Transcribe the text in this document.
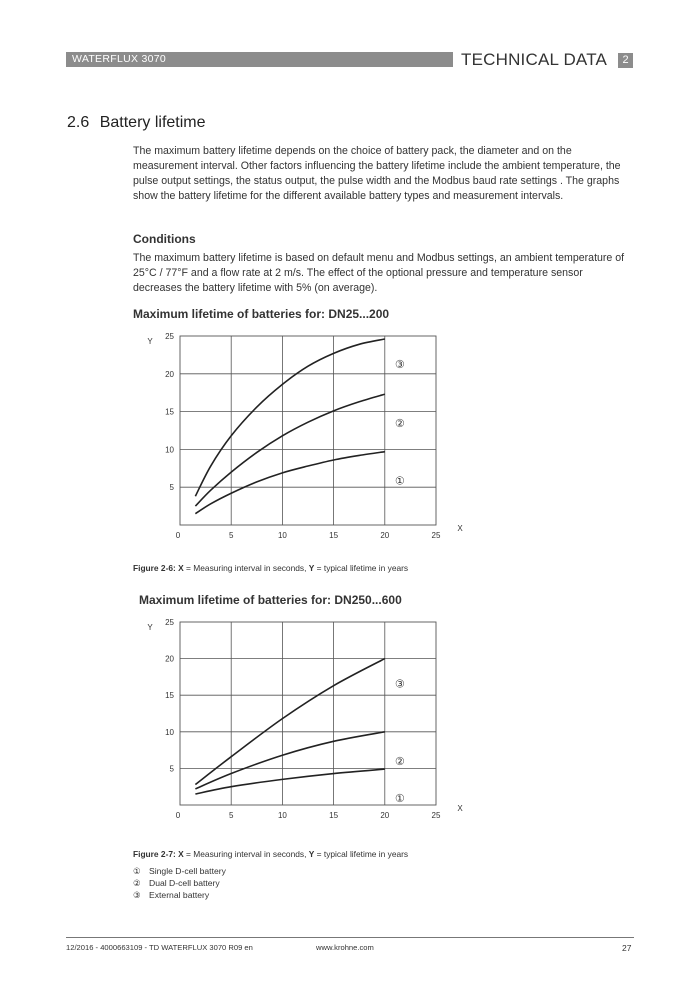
WATERFLUX 3070	TECHNICAL DATA	2
2.6 Battery lifetime

The maximum battery lifetime depends on the choice of battery pack, the diameter and on the measurement interval. Other factors influencing the battery lifetime include the ambient temperature, the pulse output settings, the status output, the pulse width and the Modbus baud rate settings . The graphs show the battery lifetime for the different available battery types and measurement intervals.

Conditions

The maximum battery lifetime is based on default menu and Modbus settings, an ambient temperature of 25°C / 77°F and a flow rate at 2 m/s. The effect of the optional pressure and temperature sensor decreases the battery lifetime with 5% (on average).

Maximum lifetime of batteries for: DN25...200
0	5	10	15	20	25
5
10
15
20
25
X
Y
①
②
③
Figure 2-6: X = Measuring interval in seconds, Y = typical lifetime in years
Maximum lifetime of batteries for: DN250...600
0	5	10	15	20	25
5
10
15
20
25
X
Y
①
②
③
Figure 2-7: X = Measuring interval in seconds, Y = typical lifetime in years
① Single D-cell battery
② Dual D-cell battery
③ External battery
12/2016 - 4000663109 - TD WATERFLUX 3070 R09 en	www.krohne.com	27
